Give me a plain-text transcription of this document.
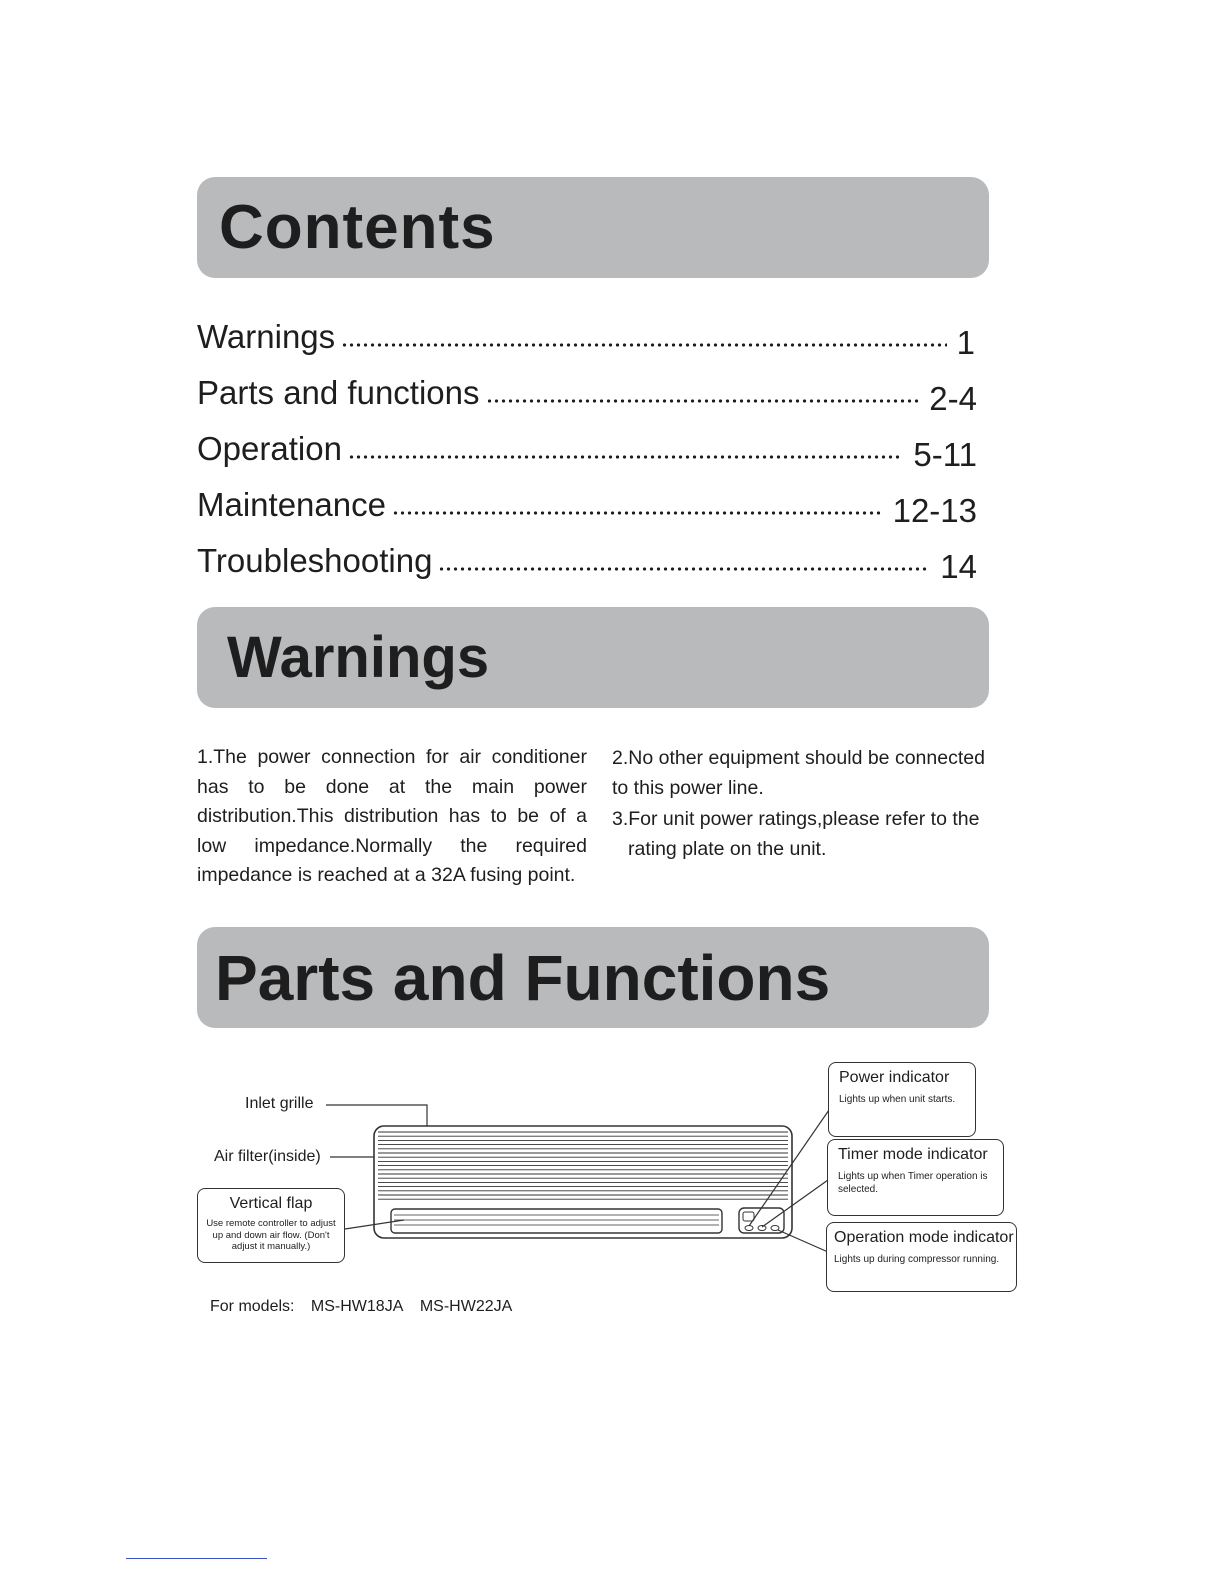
Contents
Warnings	1
Parts and functions	2-4
Operation	5-11
Maintenance	12-13
Troubleshooting	14
Warnings

1.The power connection for air conditioner has to be done at the main power distribution.This distribution has to be of a low impedance.Normally the required impedance is reached at a 32A fusing point.

2.No other equipment should be connected

to this power line.

3.For unit power ratings,please refer to the

rating plate on the unit.

Parts and Functions
Inlet grille
Air filter(inside)
Vertical flap
Use remote controller to adjust up and down air flow. (Don't adjust it manually.)
Power indicator
Lights up when unit starts.
Timer mode indicator
Lights up when Timer operation is selected.
Operation mode indicator
Lights up during compressor running.
For models: MS-HW18JA MS-HW22JA
